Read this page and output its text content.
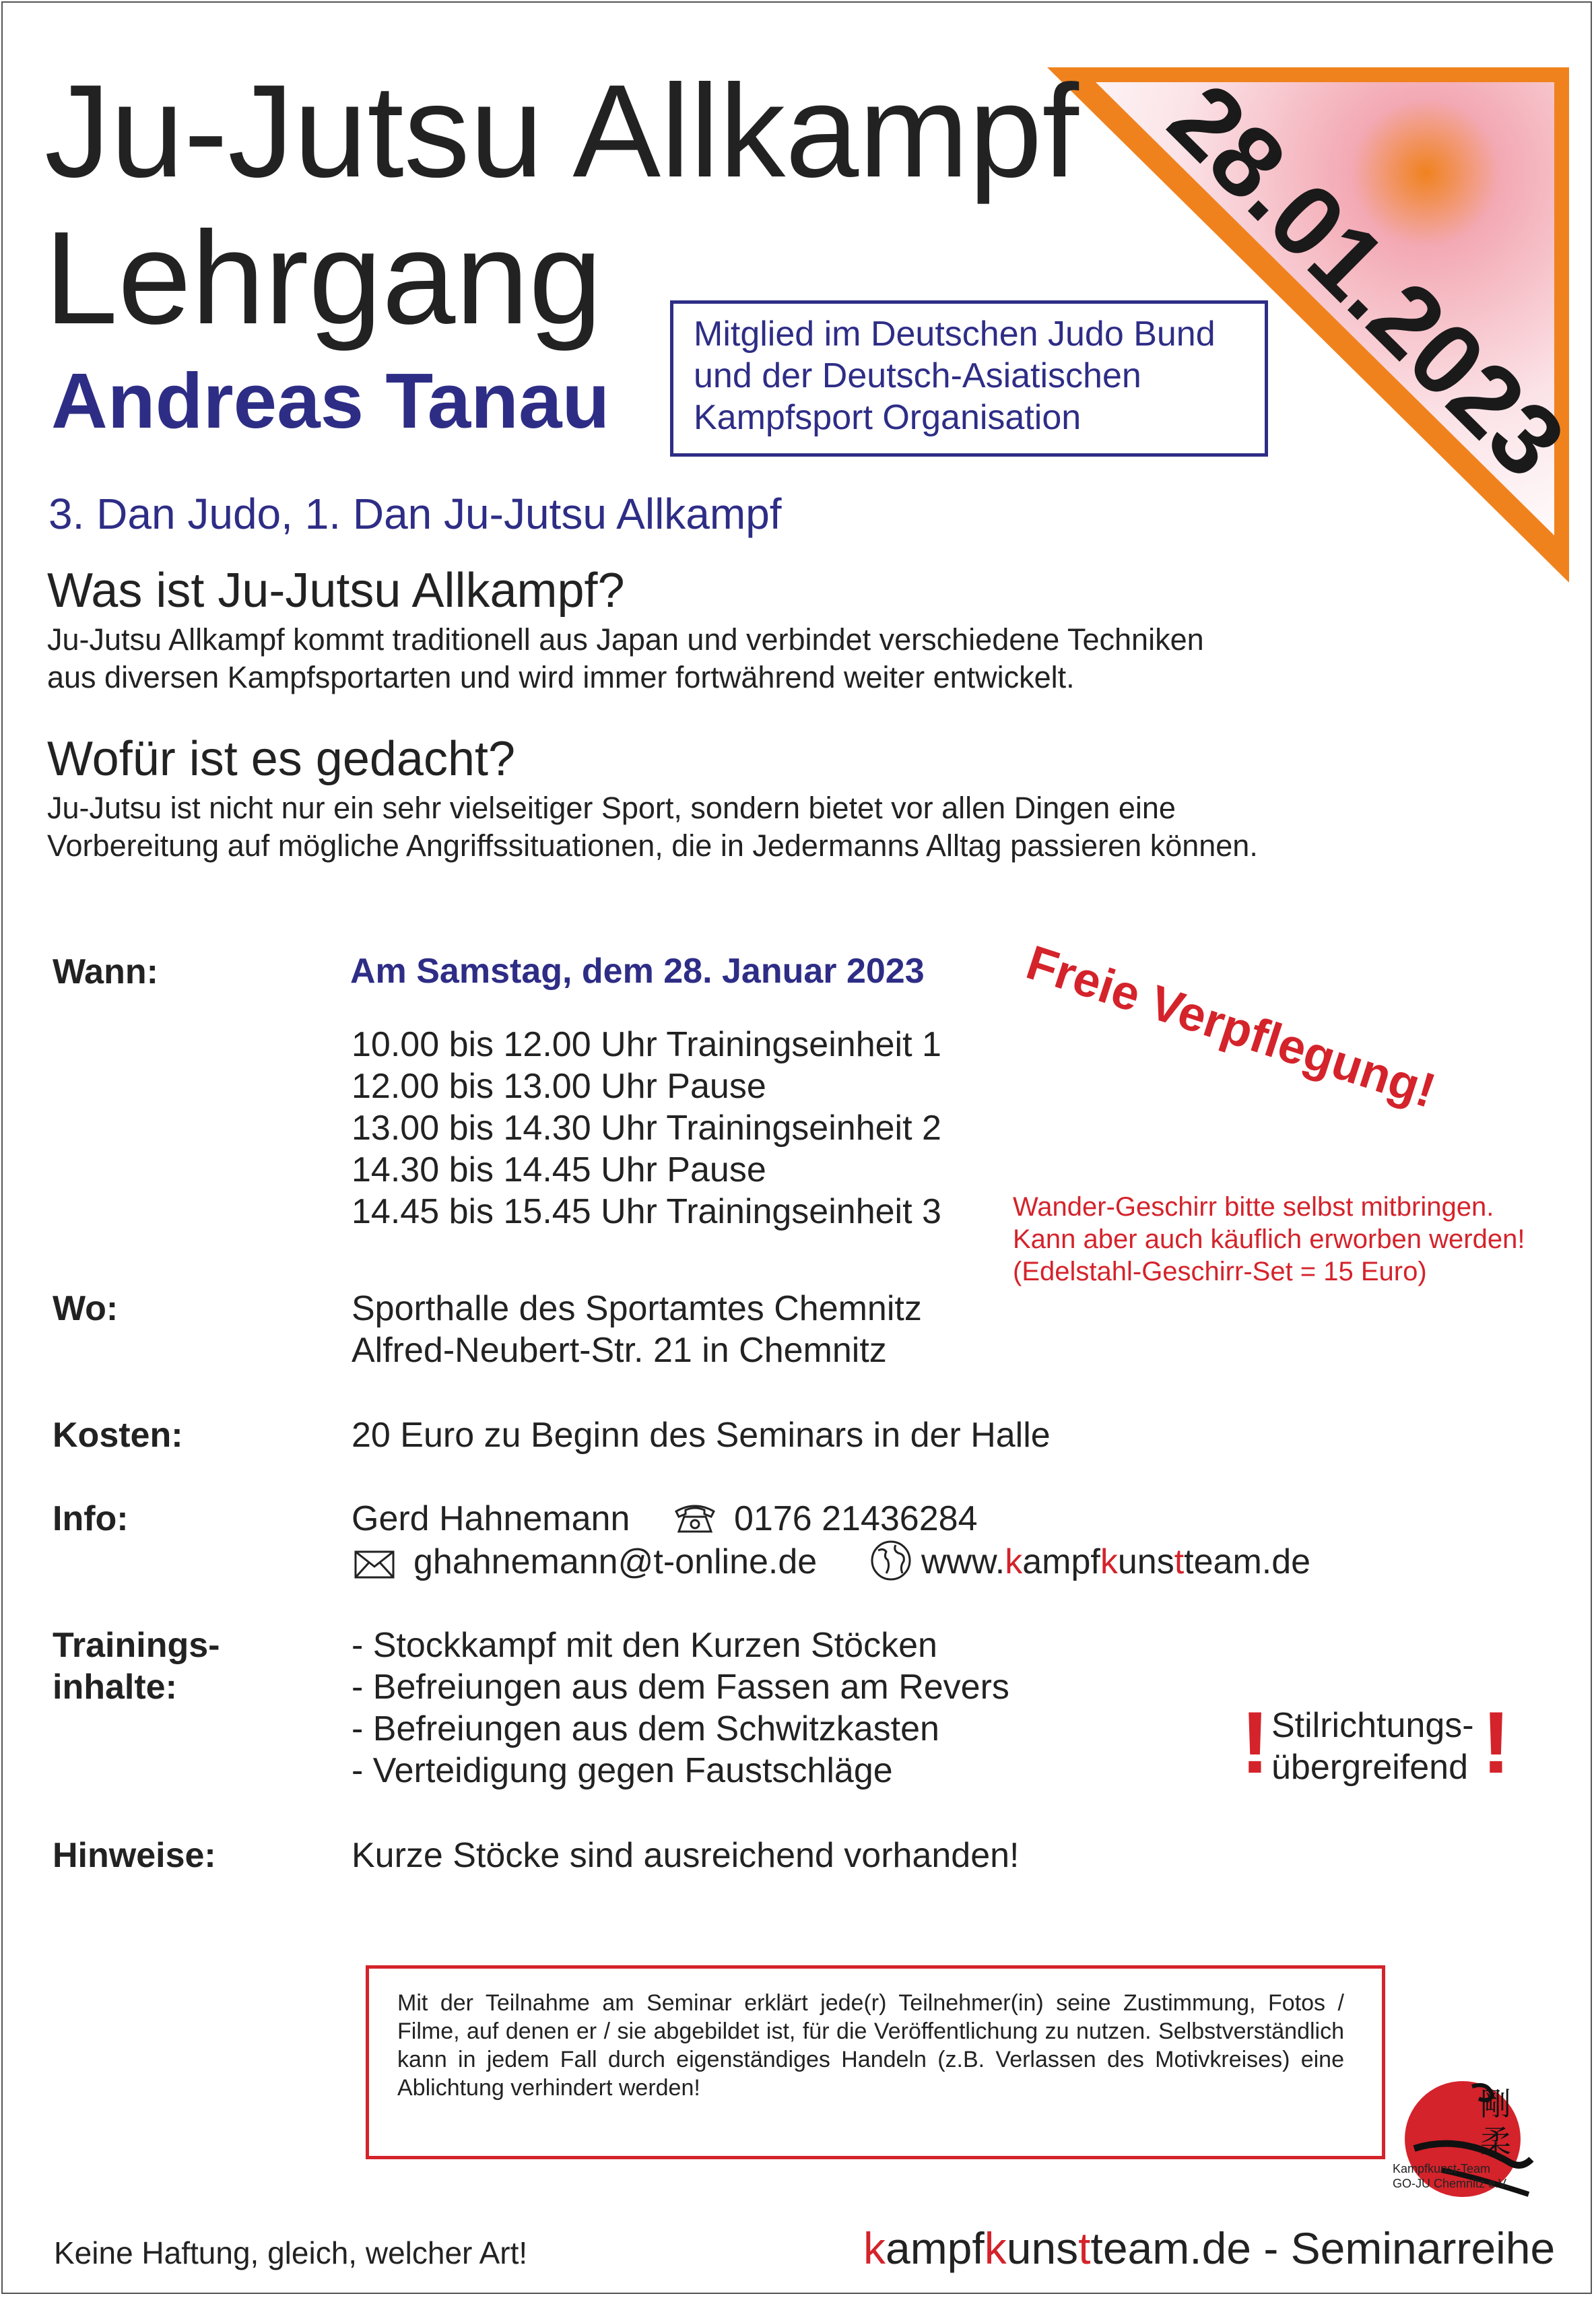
28.01.2023
Ju-Jutsu Allkampf
Lehrgang
Andreas Tanau
Mitglied im Deutschen Judo Bund
und der Deutsch-Asiatischen
Kampfsport Organisation
3. Dan Judo, 1. Dan Ju-Jutsu Allkampf
Was ist Ju-Jutsu Allkampf?
Ju-Jutsu Allkampf kommt traditionell aus Japan und verbindet verschiedene Techniken
aus diversen Kampfsportarten und wird immer fortwährend weiter entwickelt.
Wofür ist es gedacht?
Ju-Jutsu ist nicht nur ein sehr vielseitiger Sport, sondern bietet vor allen Dingen eine
Vorbereitung auf mögliche Angriffssituationen, die in Jedermanns Alltag passieren können.
Wann:	Am Samstag, dem 28. Januar 2023
10.00 bis 12.00 Uhr Trainingseinheit 1
12.00 bis 13.00 Uhr Pause
13.00 bis 14.30 Uhr Trainingseinheit 2
14.30 bis 14.45 Uhr Pause
14.45 bis 15.45 Uhr Trainingseinheit 3
Freie Verpflegung!
Wander-Geschirr bitte selbst mitbringen.
Kann aber auch käuflich erworben werden!
(Edelstahl-Geschirr-Set = 15 Euro)
Wo:	Sporthalle des Sportamtes Chemnitz
Alfred-Neubert-Str. 21 in Chemnitz
Kosten:	20 Euro zu Beginn des Seminars in der Halle
Info:	Gerd Hahnemann	0176 21436284
ghahnemann@t-online.de	www.kampfkunstteam.de
Trainings-
inhalte:
- Stockkampf mit den Kurzen Stöcken
- Befreiungen aus dem Fassen am Revers
- Befreiungen aus dem Schwitzkasten
- Verteidigung gegen Faustschläge	! Stilrichtungs-
übergreifend !
Hinweise:	Kurze Stöcke sind ausreichend vorhanden!
Mit der Teilnahme am Seminar erklärt jede(r) Teilnehmer(in) seine Zustimmung, Fotos / Filme, auf denen er / sie abgebildet ist, für die Veröffentlichung zu nutzen. Selbstverständlich kann in jedem Fall durch eigenständiges Handeln (z.B. Verlassen des Motivkreises) eine Ablichtung verhindert werden!	剛
柔
Kampfkunst-Team
GO-JU Chemnitz e.V.
Keine Haftung, gleich, welcher Art!	kampfkunstteam.de - Seminarreihe
